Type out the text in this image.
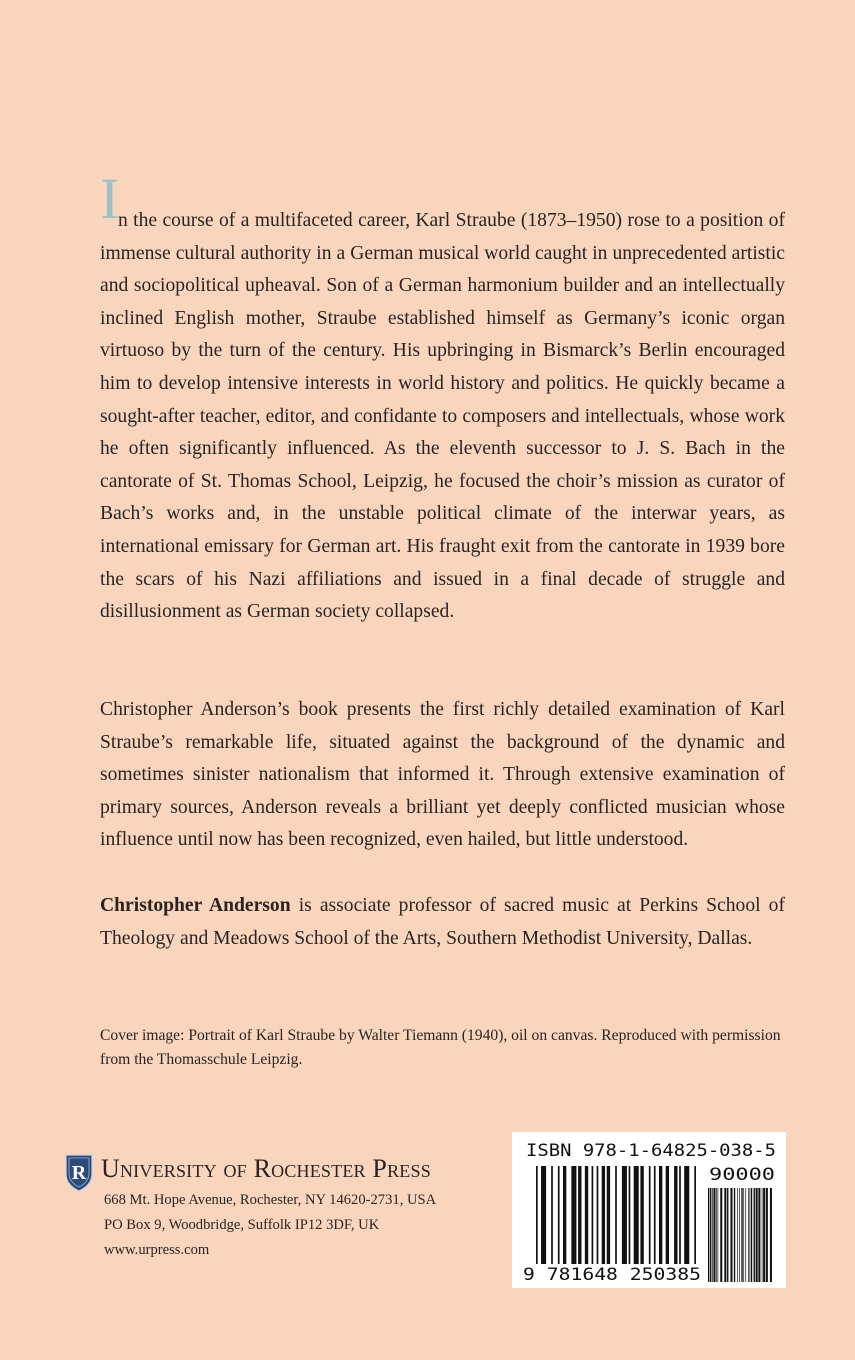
I

n the course of a multifaceted career, Karl Straube (1873–1950) rose to a position of immense cultural authority in a German musical world caught in unprecedented artistic and sociopolitical upheaval. Son of a German harmonium builder and an intellectually inclined English mother, Straube established himself as Germany’s iconic organ virtuoso by the turn of the century. His upbringing in Bismarck’s Berlin encouraged him to develop intensive interests in world history and politics. He quickly became a sought-after teacher, editor, and confidante to composers and intellectuals, whose work he often significantly influenced. As the eleventh successor to J. S. Bach in the cantorate of St. Thomas School, Leipzig, he focused the choir’s mission as curator of Bach’s works and, in the unstable political climate of the interwar years, as international emissary for German art. His fraught exit from the cantorate in 1939 bore the scars of his Nazi affiliations and issued in a final decade of struggle and disillusionment as German society collapsed.

Christopher Anderson’s book presents the first richly detailed examination of Karl Straube’s remarkable life, situated against the background of the dynamic and sometimes sinister nationalism that informed it. Through extensive examination of primary sources, Anderson reveals a brilliant yet deeply conflicted musician whose influence until now has been recognized, even hailed, but little understood.

Christopher Anderson is associate professor of sacred music at Perkins School of Theology and Meadows School of the Arts, Southern Methodist University, Dallas.

Cover image: Portrait of Karl Straube by Walter Tiemann (1940), oil on canvas. Reproduced with permission from the Thomasschule Leipzig.

R University of Rochester Press
668 Mt. Hope Avenue, Rochester, NY 14620-2731, USA
PO Box 9, Woodbridge, Suffolk IP12 3DF, UK
www.urpress.com
ISBN 978-1-64825-038-5
90000
9 781648 250385
